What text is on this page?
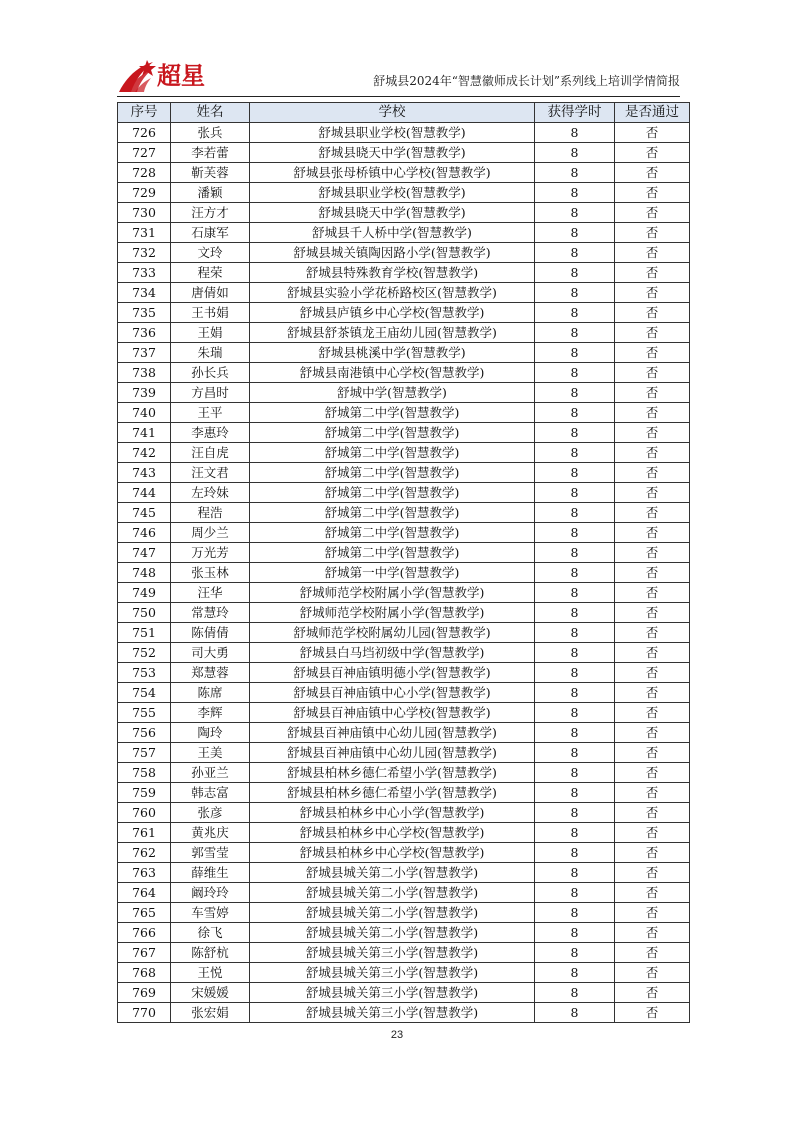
超星	舒城县2024年“智慧徽师成长计划”系列线上培训学情简报
序号	姓名	学校	获得学时	是否通过
726	张兵	舒城县职业学校(智慧教学)	8	否
727	李若蕾	舒城县晓天中学(智慧教学)	8	否
728	靳芙蓉	舒城县张母桥镇中心学校(智慧教学)	8	否
729	潘颖	舒城县职业学校(智慧教学)	8	否
730	汪方才	舒城县晓天中学(智慧教学)	8	否
731	石康军	舒城县千人桥中学(智慧教学)	8	否
732	文玲	舒城县城关镇陶因路小学(智慧教学)	8	否
733	程荣	舒城县特殊教育学校(智慧教学)	8	否
734	唐倩如	舒城县实验小学花桥路校区(智慧教学)	8	否
735	王书娟	舒城县庐镇乡中心学校(智慧教学)	8	否
736	王娟	舒城县舒茶镇龙王庙幼儿园(智慧教学)	8	否
737	朱瑞	舒城县桃溪中学(智慧教学)	8	否
738	孙长兵	舒城县南港镇中心学校(智慧教学)	8	否
739	方昌时	舒城中学(智慧教学)	8	否
740	王平	舒城第二中学(智慧教学)	8	否
741	李惠玲	舒城第二中学(智慧教学)	8	否
742	汪自虎	舒城第二中学(智慧教学)	8	否
743	汪文君	舒城第二中学(智慧教学)	8	否
744	左玲妹	舒城第二中学(智慧教学)	8	否
745	程浩	舒城第二中学(智慧教学)	8	否
746	周少兰	舒城第二中学(智慧教学)	8	否
747	万光芳	舒城第二中学(智慧教学)	8	否
748	张玉林	舒城第一中学(智慧教学)	8	否
749	汪华	舒城师范学校附属小学(智慧教学)	8	否
750	常慧玲	舒城师范学校附属小学(智慧教学)	8	否
751	陈倩倩	舒城师范学校附属幼儿园(智慧教学)	8	否
752	司大勇	舒城县白马垱初级中学(智慧教学)	8	否
753	郑慧蓉	舒城县百神庙镇明德小学(智慧教学)	8	否
754	陈席	舒城县百神庙镇中心小学(智慧教学)	8	否
755	李辉	舒城县百神庙镇中心学校(智慧教学)	8	否
756	陶玲	舒城县百神庙镇中心幼儿园(智慧教学)	8	否
757	王美	舒城县百神庙镇中心幼儿园(智慧教学)	8	否
758	孙亚兰	舒城县柏林乡德仁希望小学(智慧教学)	8	否
759	韩志富	舒城县柏林乡德仁希望小学(智慧教学)	8	否
760	张彦	舒城县柏林乡中心小学(智慧教学)	8	否
761	黄兆庆	舒城县柏林乡中心学校(智慧教学)	8	否
762	郭雪莹	舒城县柏林乡中心学校(智慧教学)	8	否
763	薛维生	舒城县城关第二小学(智慧教学)	8	否
764	阚玲玲	舒城县城关第二小学(智慧教学)	8	否
765	车雪婷	舒城县城关第二小学(智慧教学)	8	否
766	徐飞	舒城县城关第二小学(智慧教学)	8	否
767	陈舒杭	舒城县城关第三小学(智慧教学)	8	否
768	王悦	舒城县城关第三小学(智慧教学)	8	否
769	宋媛媛	舒城县城关第三小学(智慧教学)	8	否
770	张宏娟	舒城县城关第三小学(智慧教学)	8	否
23
